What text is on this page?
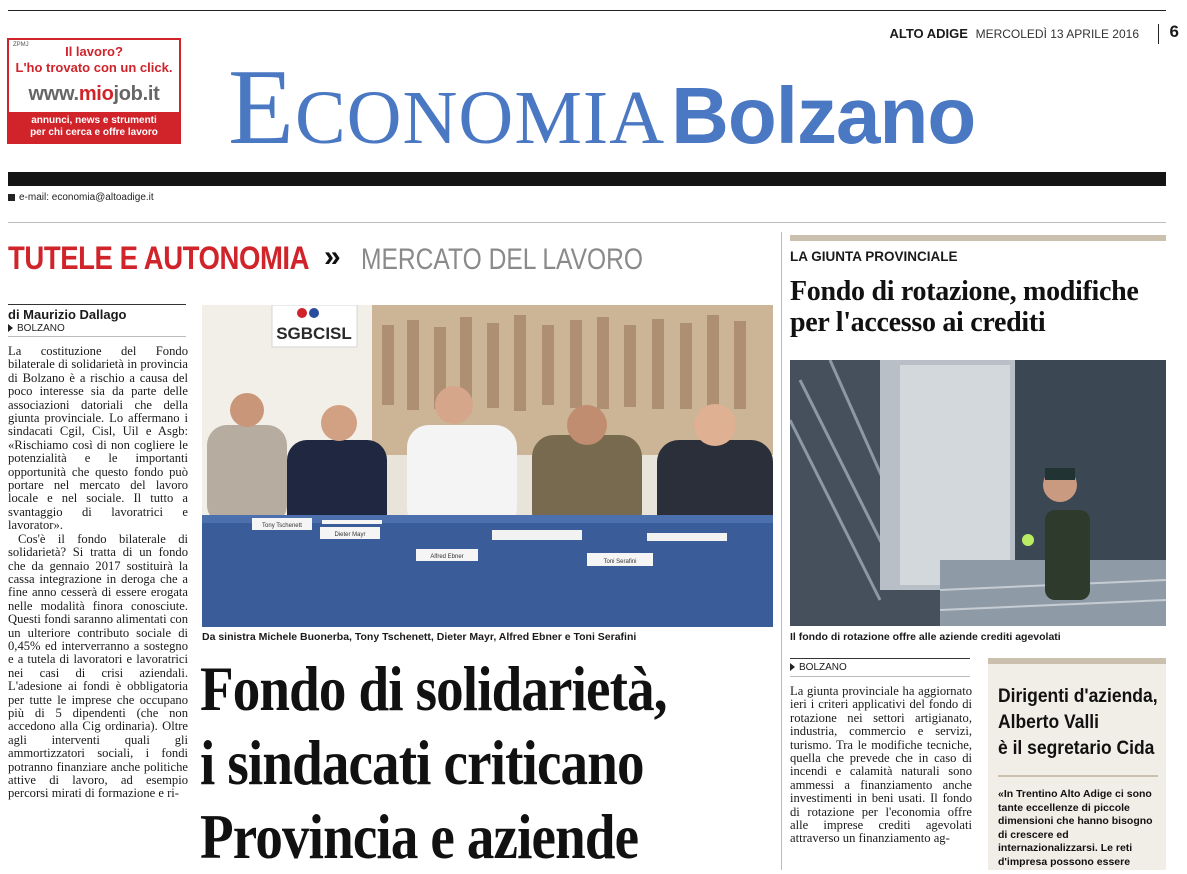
ZPMJ	Il lavoro?
L'ho trovato con un click.
www.miojob.it
annunci, news e strumenti
per chi cerca e offre lavoro EconomiaBolzano
ALTO ADIGE MERCOLEDÌ 13 APRILE 2016 6
e-mail: economia@altoadige.it
TUTELE E AUTONOMIA » MERCATO DEL LAVORO
di Maurizio Dallago
BOLZANO

La costituzione del Fondo bilaterale di solidarietà in provincia di Bolzano è a rischio a causa del poco interesse sia da parte delle associazioni datoriali che della giunta provinciale. Lo affermano i sindacati Cgil, Cisl, Uil e Asgb: «Rischiamo così di non cogliere le potenzialità e le importanti opportunità che questo fondo può portare nel mercato del lavoro locale e nel sociale. Il tutto a svantaggio di lavoratrici e lavorator».

Cos'è il fondo bilaterale di solidarietà? Si tratta di un fondo che da gennaio 2017 sostituirà la cassa integrazione in deroga che a fine anno cesserà di essere erogata nelle modalità finora conosciute. Questi fondi saranno alimentati con un ulteriore contributo sociale di 0,45% ed interverranno a sostegno e a tutela di lavoratori e lavoratrici nei casi di crisi aziendali. L'adesione ai fondi è obbligatoria per tutte le imprese che occupano più di 5 dipendenti (che non accedono alla Cig ordinaria). Oltre agli interventi quali gli ammortizzatori sociali, i fondi potranno finanziare anche politiche attive di lavoro, ad esempio percorsi mirati di formazione e ri-

SGBCISL
Tony Tschenett
Dieter Mayr
Alfred Ebner
Toni Serafini
Da sinistra Michele Buonerba, Tony Tschenett, Dieter Mayr, Alfred Ebner e Toni Serafini
Fondo di solidarietà,
i sindacati criticano
Provincia e aziende
LA GIUNTA PROVINCIALE
Fondo di rotazione, modifiche per l'accesso ai crediti
Il fondo di rotazione offre alle aziende crediti agevolati
BOLZANO
La giunta provinciale ha aggiornato ieri i criteri applicativi del fondo di rotazione nei settori artigianato, industria, commercio e servizi, turismo. Tra le modifiche tecniche, quella che prevede che in caso di incendi e calamità naturali sono ammessi a finanziamento anche investimenti in beni usati. Il fondo di rotazione per l'economia offre alle imprese crediti agevolati attraverso un finanziamento ag-
Dirigenti d'azienda,
Alberto Valli
è il segretario Cida
«In Trentino Alto Adige ci sono tante eccellenze di piccole dimensioni che hanno bisogno di crescere ed internazionalizzarsi. Le reti d'impresa possono essere
